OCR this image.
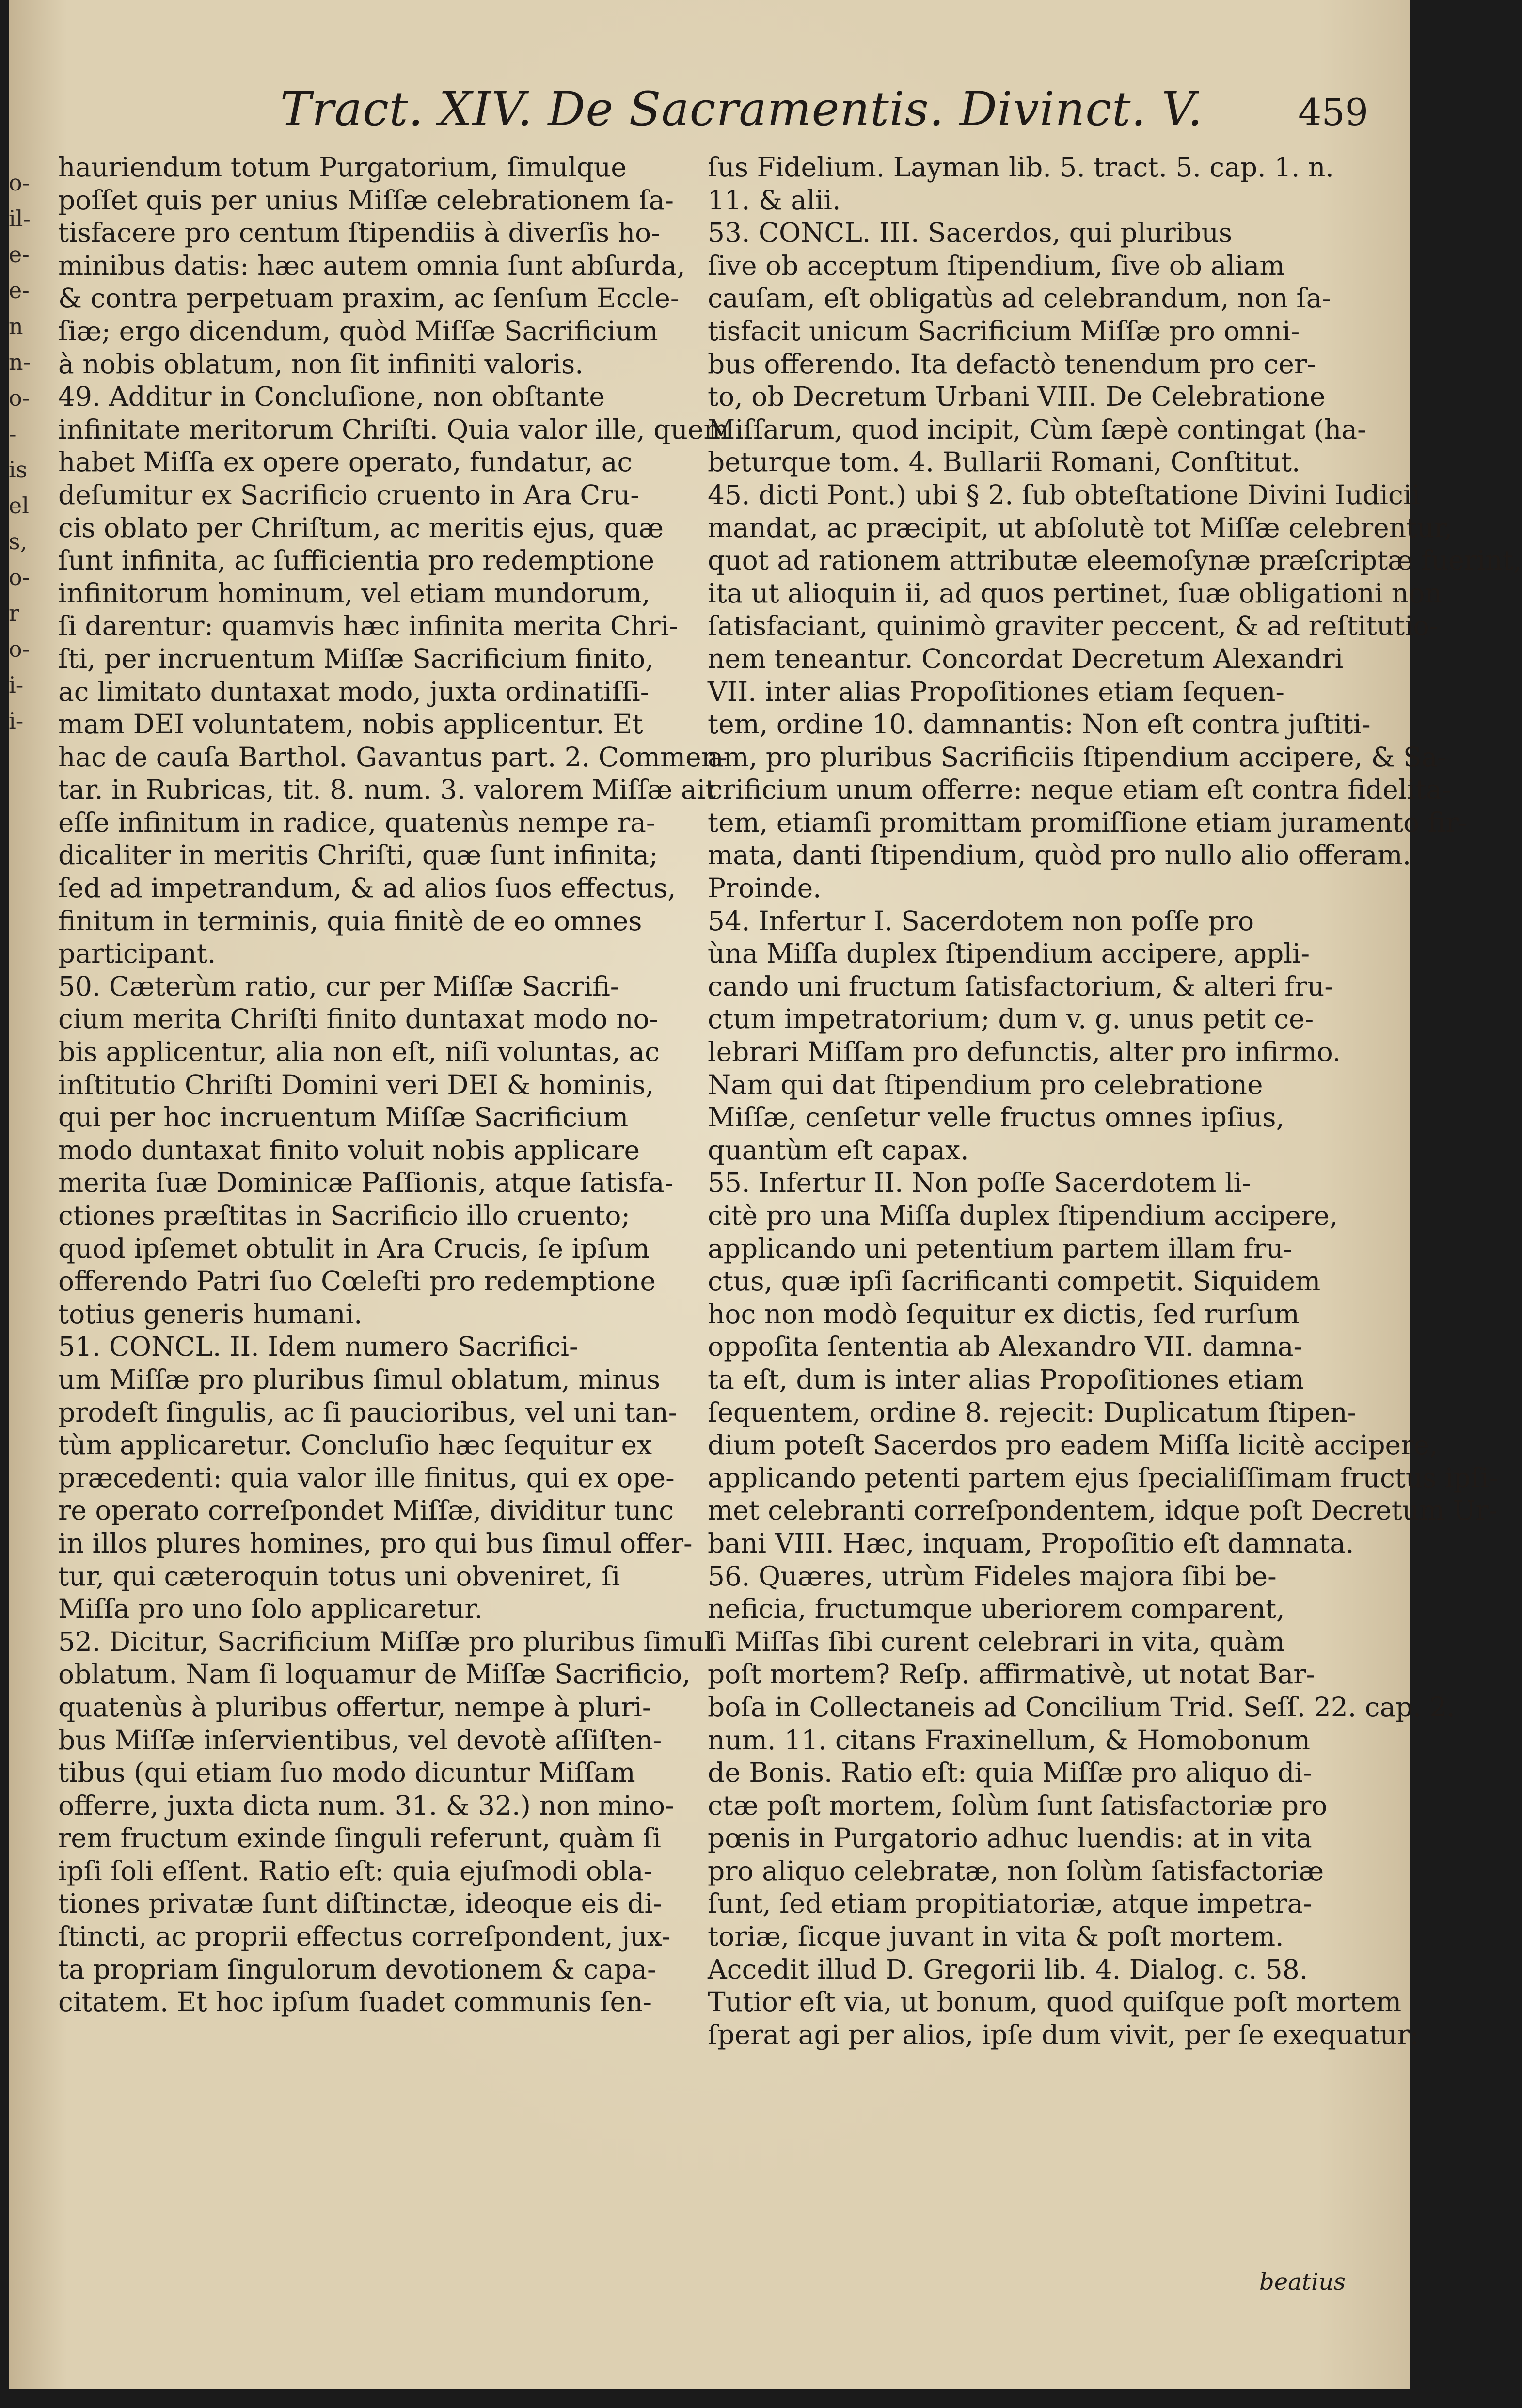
o-
il-
e-
e-
n
n-
o-
-
is
el
s,
o-
r
o-
i-
i-
Tract. XIV. De Sacramentis. Divinct. V.	459
hauriendum totum Purgatorium, ſimulque
poſſet quis per unius Miſſæ celebrationem ſa-
tisfacere pro centum ſtipendiis à diverſis ho-
minibus datis: hæc autem omnia ſunt abſurda,
& contra perpetuam praxim, ac ſenſum Eccle-
ſiæ; ergo dicendum, quòd Miſſæ Sacrificium
à nobis oblatum, non ſit infiniti valoris.
49. Additur in Concluſione, non obſtante
infinitate meritorum Chriſti. Quia valor ille, quem
habet Miſſa ex opere operato, fundatur, ac
deſumitur ex Sacrificio cruento in Ara Cru-
cis oblato per Chriſtum, ac meritis ejus, quæ
ſunt infinita, ac ſufficientia pro redemptione
infinitorum hominum, vel etiam mundorum,
ſi darentur: quamvis hæc infinita merita Chri-
ſti, per incruentum Miſſæ Sacrificium finito,
ac limitato duntaxat modo, juxta ordinatiſſi-
mam DEI voluntatem, nobis applicentur. Et
hac de cauſa Barthol. Gavantus part. 2. Commen-
tar. in Rubricas, tit. 8. num. 3. valorem Miſſæ ait
eſſe infinitum in radice, quatenùs nempe ra-
dicaliter in meritis Chriſti, quæ ſunt infinita;
ſed ad impetrandum, & ad alios ſuos effectus,
finitum in terminis, quia finitè de eo omnes
participant.
50. Cæterùm ratio, cur per Miſſæ Sacrifi-
cium merita Chriſti finito duntaxat modo no-
bis applicentur, alia non eſt, niſi voluntas, ac
inſtitutio Chriſti Domini veri DEI & hominis,
qui per hoc incruentum Miſſæ Sacrificium
modo duntaxat finito voluit nobis applicare
merita ſuæ Dominicæ Paſſionis, atque ſatisfa-
ctiones præſtitas in Sacrificio illo cruento;
quod ipſemet obtulit in Ara Crucis, ſe ipſum
offerendo Patri ſuo Cœleſti pro redemptione
totius generis humani.
51. CONCL. II. Idem numero Sacrifici-
um Miſſæ pro pluribus ſimul oblatum, minus
prodeſt ſingulis, ac ſi paucioribus, vel uni tan-
tùm applicaretur. Concluſio hæc ſequitur ex
præcedenti: quia valor ille finitus, qui ex ope-
re operato correſpondet Miſſæ, dividitur tunc
in illos plures homines, pro qui bus ſimul offer-
tur, qui cæteroquin totus uni obveniret, ſi
Miſſa pro uno ſolo applicaretur.
52. Dicitur, Sacrificium Miſſæ pro pluribus ſimul
oblatum. Nam ſi loquamur de Miſſæ Sacrificio,
quatenùs à pluribus offertur, nempe à pluri-
bus Miſſæ inſervientibus, vel devotè aſſiſten-
tibus (qui etiam ſuo modo dicuntur Miſſam
offerre, juxta dicta num. 31. & 32.) non mino-
rem fructum exinde ſinguli referunt, quàm ſi
ipſi ſoli eſſent. Ratio eſt: quia ejuſmodi obla-
tiones privatæ ſunt diſtinctæ, ideoque eis di-
ſtincti, ac proprii effectus correſpondent, jux-
ta propriam ſingulorum devotionem & capa-
citatem. Et hoc ipſum ſuadet communis ſen-
ſus Fidelium. Layman lib. 5. tract. 5. cap. 1. n.
11. & alii.
53. CONCL. III. Sacerdos, qui pluribus
ſive ob acceptum ſtipendium, ſive ob aliam
cauſam, eſt obligatùs ad celebrandum, non ſa-
tisfacit unicum Sacrificium Miſſæ pro omni-
bus offerendo. Ita defactò tenendum pro cer-
to, ob Decretum Urbani VIII. De Celebratione
Miſſarum, quod incipit, Cùm ſæpè contingat (ha-
beturque tom. 4. Bullarii Romani, Conſtitut.
45. dicti Pont.) ubi § 2. ſub obteſtatione Divini Iudicii
mandat, ac præcipit, ut abſolutè tot Miſſæ celebrentur,
quot ad rationem attributæ eleemoſynæ præſcriptæ fuerint,
ita ut alioquin ii, ad quos pertinet, ſuæ obligationi non
ſatisfaciant, quinimò graviter peccent, & ad reſtitutio-
nem teneantur. Concordat Decretum Alexandri
VII. inter alias Propoſitiones etiam ſequen-
tem, ordine 10. damnantis: Non eſt contra juſtiti-
am, pro pluribus Sacrificiis ſtipendium accipere, & Sa-
crificium unum offerre: neque etiam eſt contra fidelita-
tem, etiamſi promittam promiſſione etiam juramento fir-
mata, danti ſtipendium, quòd pro nullo alio offeram.
Proinde.
54. Infertur I. Sacerdotem non poſſe pro
ùna Miſſa duplex ſtipendium accipere, appli-
cando uni fructum ſatisfactorium, & alteri fru-
ctum impetratorium; dum v. g. unus petit ce-
lebrari Miſſam pro defunctis, alter pro infirmo.
Nam qui dat ſtipendium pro celebratione
Miſſæ, cenſetur velle fructus omnes ipſius,
quantùm eſt capax.
55. Infertur II. Non poſſe Sacerdotem li-
citè pro una Miſſa duplex ſtipendium accipere,
applicando uni petentium partem illam fru-
ctus, quæ ipſi ſacrificanti competit. Siquidem
hoc non modò ſequitur ex dictis, ſed rurſum
oppoſita ſententia ab Alexandro VII. damna-
ta eſt, dum is inter alias Propoſitiones etiam
ſequentem, ordine 8. rejecit: Duplicatum ſtipen-
dium poteſt Sacerdos pro eadem Miſſa licitè accipere,
applicando petenti partem ejus ſpecialiſſimam fructus ipſi-
met celebranti correſpondentem, idque poſt Decretum Ur-
bani VIII. Hæc, inquam, Propoſitio eſt damnata.
56. Quæres, utrùm Fideles majora ſibi be-
neficia, fructumque uberiorem comparent,
ſi Miſſas ſibi curent celebrari in vita, quàm
poſt mortem? Reſp. affirmativè, ut notat Bar-
boſa in Collectaneis ad Concilium Trid. Seſſ. 22. cap. 2.
num. 11. citans Fraxinellum, & Homobonum
de Bonis. Ratio eſt: quia Miſſæ pro aliquo di-
ctæ poſt mortem, ſolùm ſunt ſatisfactoriæ pro
pœnis in Purgatorio adhuc luendis: at in vita
pro aliquo celebratæ, non ſolùm ſatisfactoriæ
ſunt, ſed etiam propitiatoriæ, atque impetra-
toriæ, ſicque juvant in vita & poſt mortem.
Accedit illud D. Gregorii lib. 4. Dialog. c. 58.
Tutior eſt via, ut bonum, quod quiſque poſt mortem
ſperat agi per alios, ipſe dum vivit, per ſe exequatur:
beatius
